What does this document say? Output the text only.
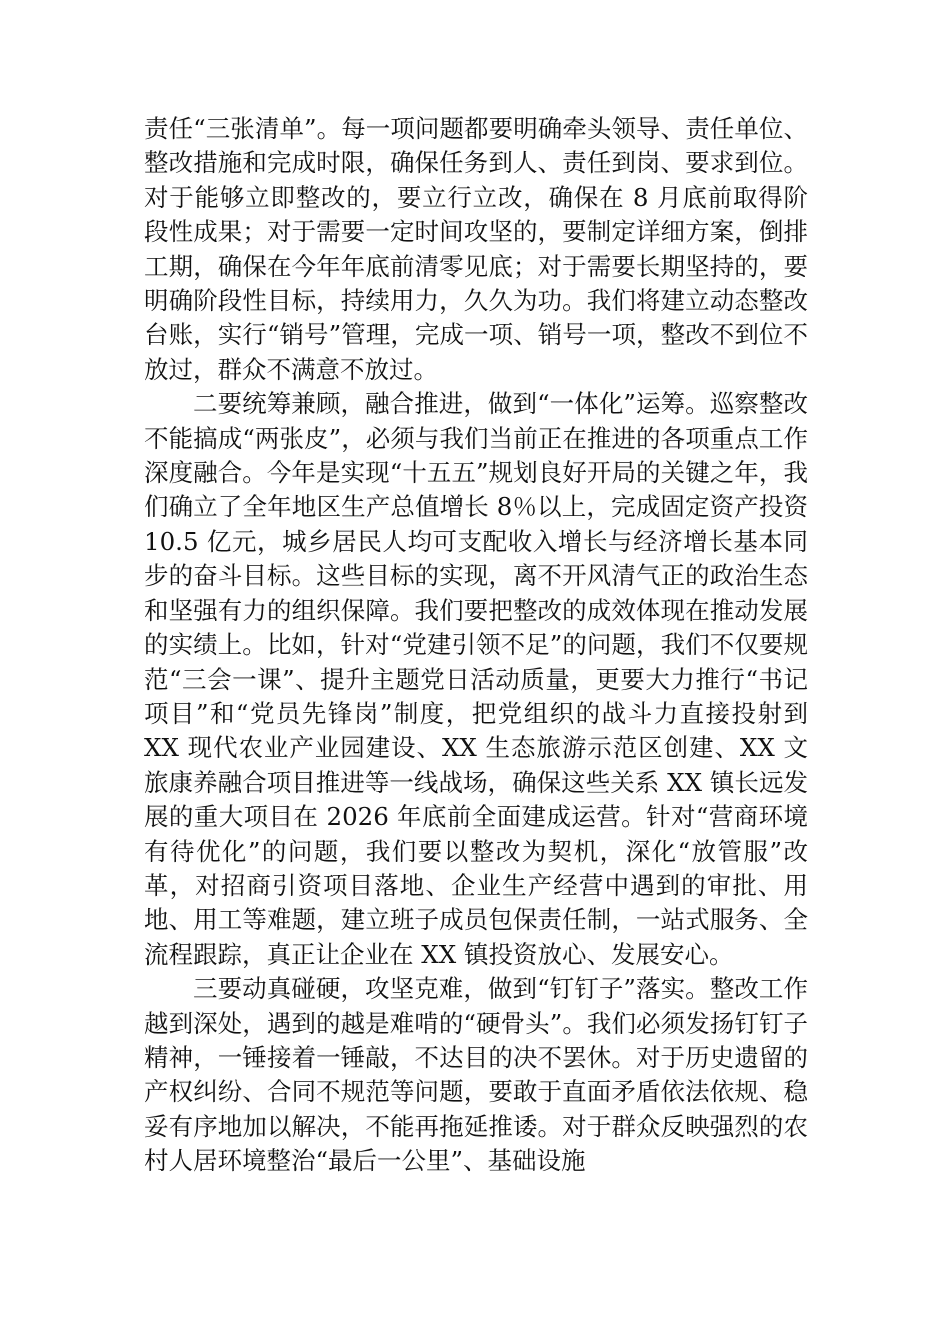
责任“三张清单”。每一项问题都要明确牵头领导、责任单位、整改措施和完成时限，确保任务到人、责任到岗、要求到位。对于能够立即整改的，要立行立改，确保在 8 月底前取得阶段性成果；对于需要一定时间攻坚的，要制定详细方案，倒排工期，确保在今年年底前清零见底；对于需要长期坚持的，要明确阶段性目标，持续用力，久久为功。我们将建立动态整改台账，实行“销号”管理，完成一项、销号一项，整改不到位不放过，群众不满意不放过。

二要统筹兼顾，融合推进，做到“一体化”运筹。巡察整改不能搞成“两张皮”，必须与我们当前正在推进的各项重点工作深度融合。今年是实现“十五五”规划良好开局的关键之年，我们确立了全年地区生产总值增长 8％以上，完成固定资产投资 10.5 亿元，城乡居民人均可支配收入增长与经济增长基本同步的奋斗目标。这些目标的实现，离不开风清气正的政治生态和坚强有力的组织保障。我们要把整改的成效体现在推动发展的实绩上。比如，针对“党建引领不足”的问题，我们不仅要规范“三会一课”、提升主题党日活动质量，更要大力推行“书记项目”和“党员先锋岗”制度，把党组织的战斗力直接投射到 XX 现代农业产业园建设、XX 生态旅游示范区创建、XX 文旅康养融合项目推进等一线战场，确保这些关系 XX 镇长远发展的重大项目在 2026 年底前全面建成运营。针对“营商环境有待优化”的问题，我们要以整改为契机，深化“放管服”改革，对招商引资项目落地、企业生产经营中遇到的审批、用地、用工等难题，建立班子成员包保责任制，一站式服务、全流程跟踪，真正让企业在 XX 镇投资放心、发展安心。

三要动真碰硬，攻坚克难，做到“钉钉子”落实。整改工作越到深处，遇到的越是难啃的“硬骨头”。我们必须发扬钉钉子精神，一锤接着一锤敲，不达目的决不罢休。对于历史遗留的产权纠纷、合同不规范等问题，要敢于直面矛盾依法依规、稳妥有序地加以解决，不能再拖延推诿。对于群众反映强烈的农村人居环境整治“最后一公里”、基础设施
